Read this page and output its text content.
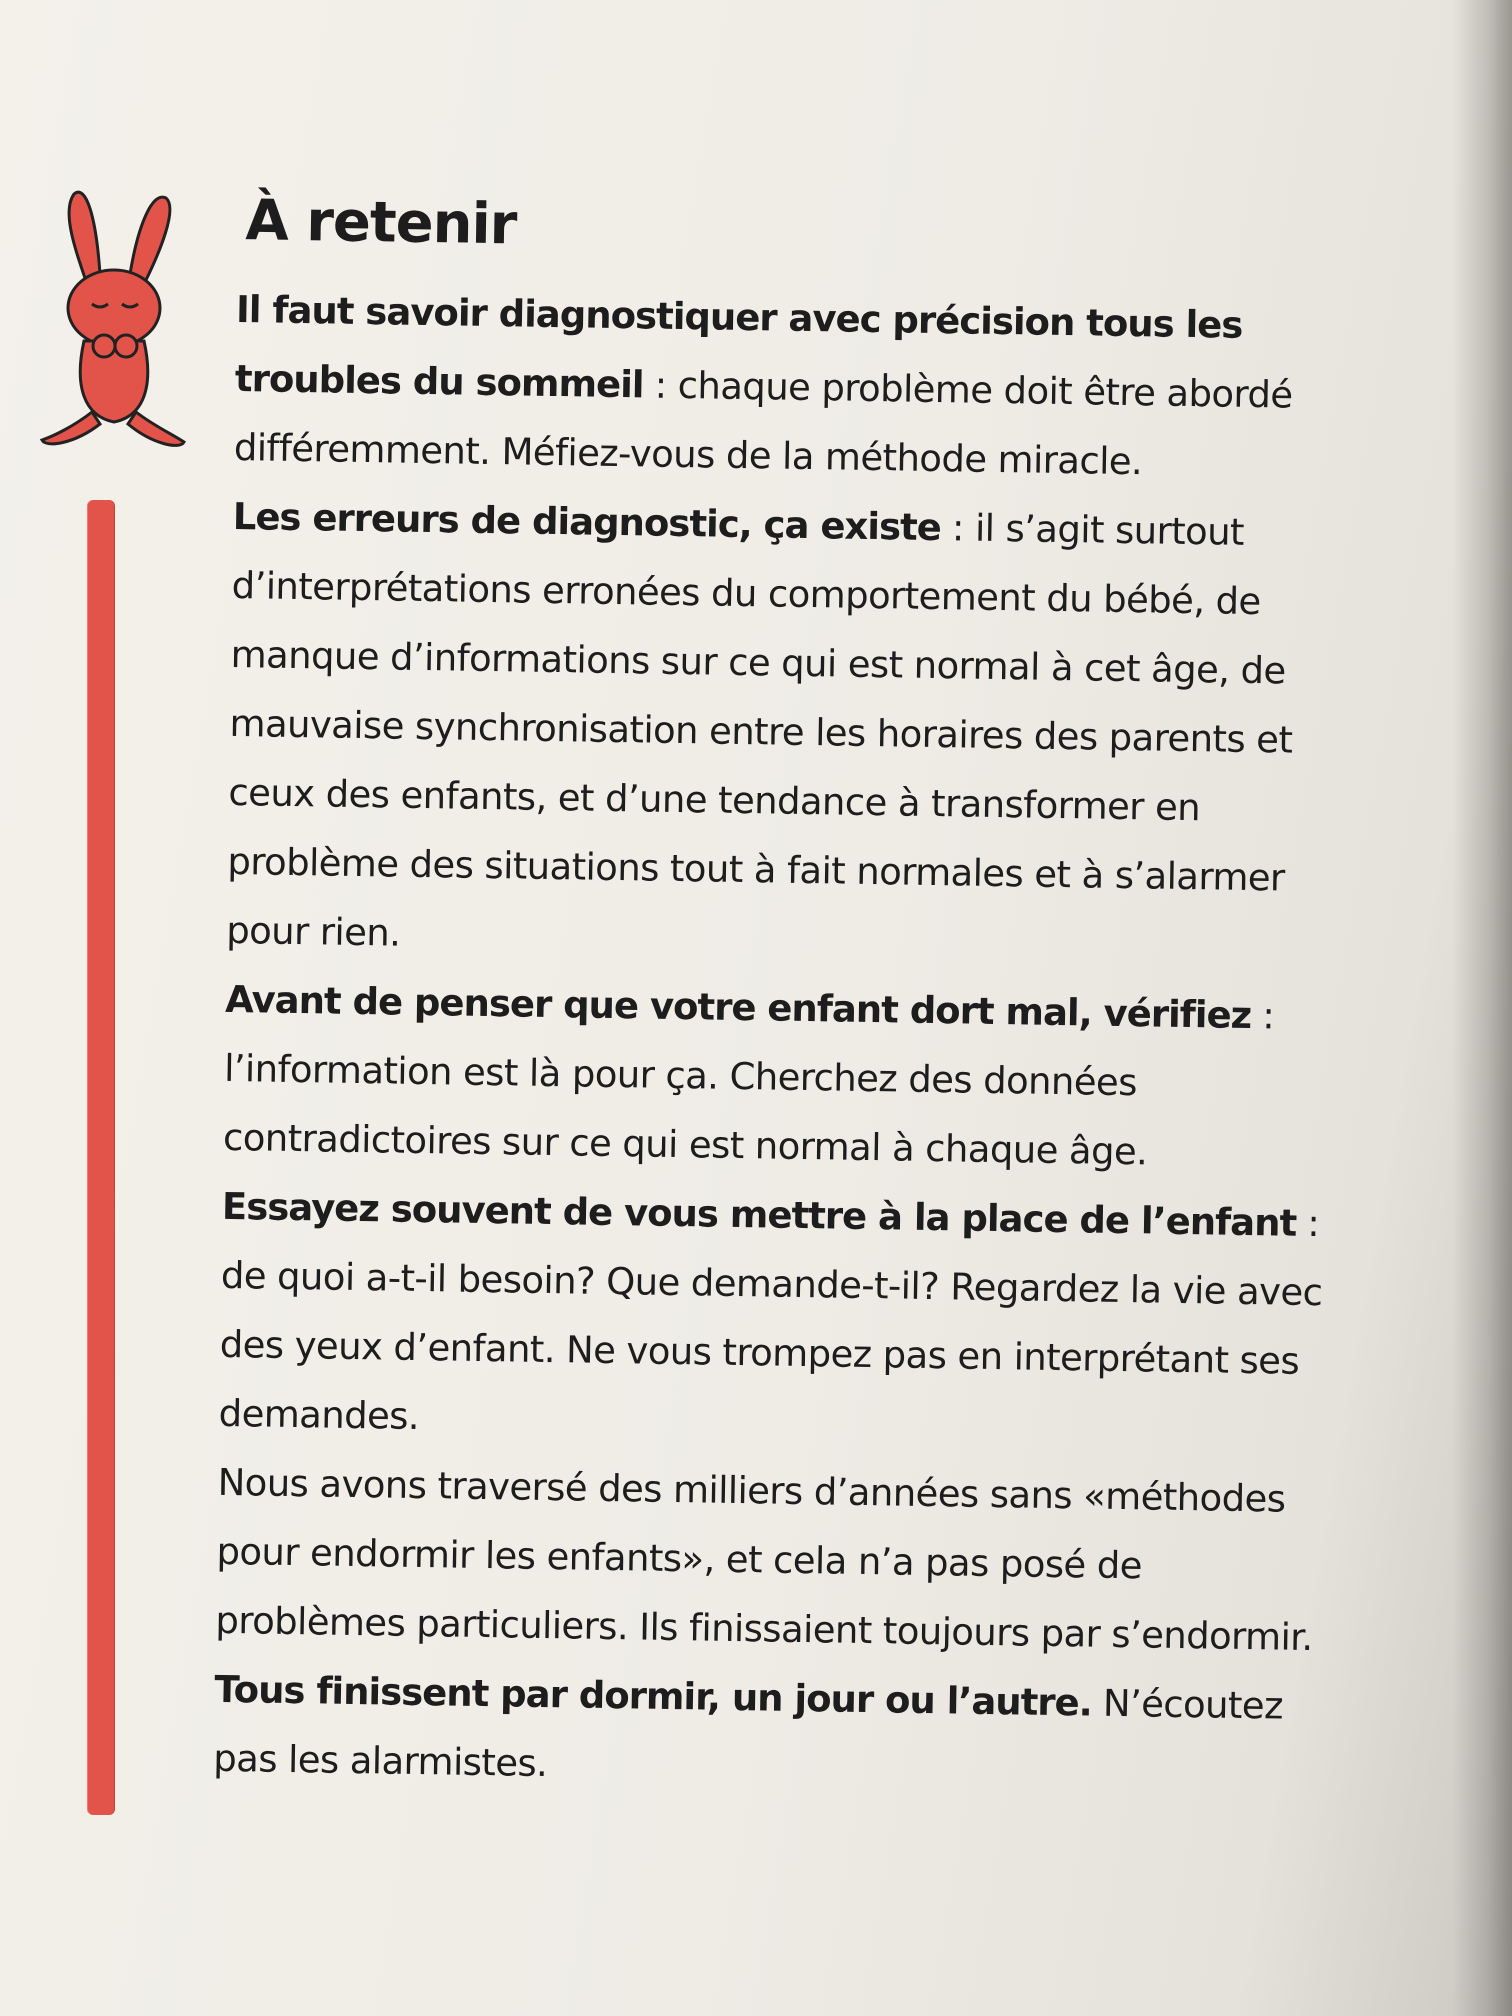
À retenir

Il faut savoir diagnostiquer avec précision tous les troubles du sommeil : chaque problème doit être abordé différemment. Méfiez-vous de la méthode miracle.

Les erreurs de diagnostic, ça existe : il s’agit surtout d’interprétations erronées du comportement du bébé, de manque d’informations sur ce qui est normal à cet âge, de mauvaise synchronisation entre les horaires des parents et ceux des enfants, et d’une tendance à transformer en problème des situations tout à fait normales et à s’alarmer pour rien.

Avant de penser que votre enfant dort mal, vérifiez : l’information est là pour ça. Cherchez des données contradictoires sur ce qui est normal à chaque âge.

Essayez souvent de vous mettre à la place de l’enfant : de quoi a-t-il besoin? Que demande-t-il? Regardez la vie avec des yeux d’enfant. Ne vous trompez pas en interprétant ses demandes.

Nous avons traversé des milliers d’années sans «méthodes pour endormir les enfants», et cela n’a pas posé de problèmes particuliers. Ils finissaient toujours par s’endormir. Tous finissent par dormir, un jour ou l’autre. N’écoutez pas les alarmistes.
